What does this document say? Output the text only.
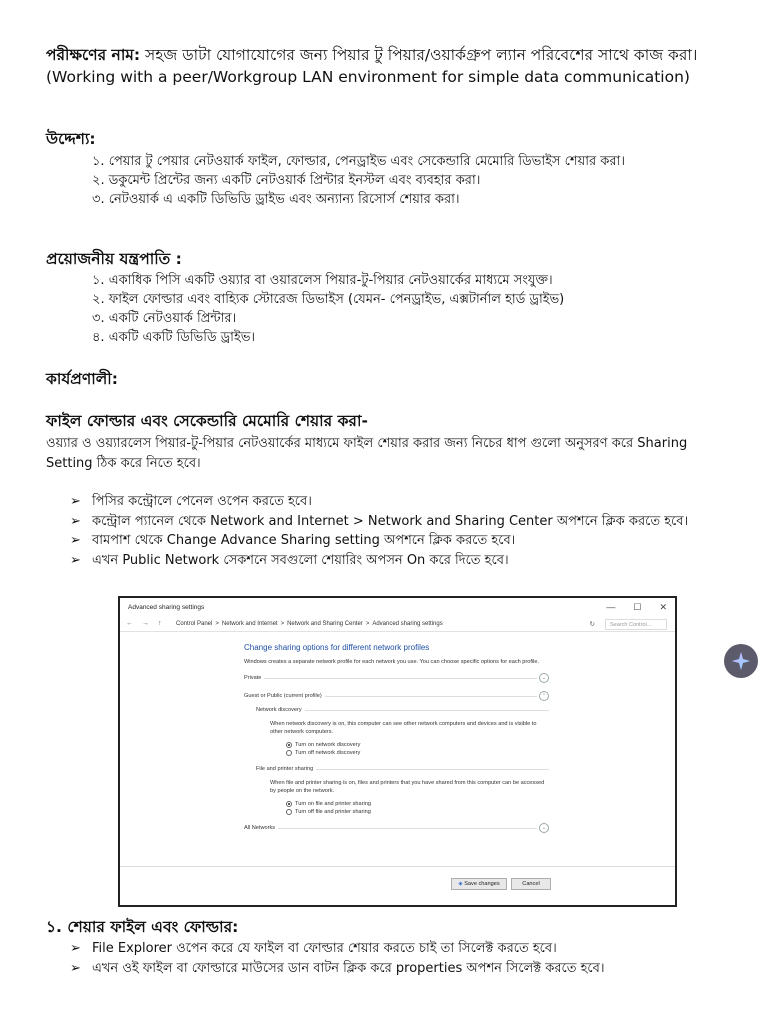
পরীক্ষণের নাম: সহজ ডাটা যোগাযোগের জন্য পিয়ার টু পিয়ার/ওয়ার্কগ্রুপ ল্যান পরিবেশের সাথে কাজ করা। (Working with a peer/Workgroup LAN environment for simple data communication)
উদ্দেশ্য:
১. পেয়ার টু পেয়ার নেটওয়ার্ক ফাইল, ফোল্ডার, পেনড্রাইভ এবং সেকেন্ডারি মেমোরি ডিভাইস শেয়ার করা।
২. ডকুমেন্ট প্রিন্টের জন্য একটি নেটওয়ার্ক প্রিন্টার ইনস্টল এবং ব্যবহার করা।
৩. নেটওয়ার্ক এ একটি ডিভিডি ড্রাইভ এবং অন্যান্য রিসোর্স শেয়ার করা।
প্রয়োজনীয় যন্ত্রপাতি :
১. একাধিক পিসি একটি ওয়্যার বা ওয়ারলেস পিয়ার-টু-পিয়ার নেটওয়ার্কের মাধ্যমে সংযুক্ত।
২. ফাইল ফোল্ডার এবং বাহ্যিক স্টোরেজ ডিভাইস (যেমন- পেনড্রাইভ, এক্সটার্নাল হার্ড ড্রাইভ)
৩. একটি নেটওয়ার্ক প্রিন্টার।
৪. একটি একটি ডিভিডি ড্রাইভ।
কার্যপ্রণালী:
ফাইল ফোল্ডার এবং সেকেন্ডারি মেমোরি শেয়ার করা-
ওয়্যার ও ওয়্যারলেস পিয়ার-টু-পিয়ার নেটওয়ার্কের মাধ্যমে ফাইল শেয়ার করার জন্য নিচের ধাপ গুলো অনুসরণ করে Sharing Setting ঠিক করে নিতে হবে।
➢ পিসির কন্ট্রোলে পেনেল ওপেন করতে হবে।
➢ কন্ট্রোল প্যানেল থেকে Network and Internet > Network and Sharing Center অপশনে ক্লিক করতে হবে।
➢ বামপাশ থেকে Change Advance Sharing setting অপশনে ক্লিক করতে হবে।
➢ এখন Public Network সেকশনে সবগুলো শেয়ারিং অপসন On করে দিতে হবে।
Advanced sharing settings	— ☐ ✕
← → ↑ Control Panel > Network and Internet > Network and Sharing Center > Advanced sharing settings	↻	Search Control...
Change sharing options for different network profiles
Windows creates a separate network profile for each network you use. You can choose specific options for each profile.
Private	⌄
Guest or Public (current profile)	⌃
Network discovery
When network discovery is on, this computer can see other network computers and devices and is visible to other network computers.
Turn on network discovery
Turn off network discovery
File and printer sharing
When file and printer sharing is on, files and printers that you have shared from this computer can be accessed by people on the network.
Turn on file and printer sharing
Turn off file and printer sharing
All Networks	⌄
◈ Save changes	Cancel
১. শেয়ার ফাইল এবং ফোল্ডার:
➢ File Explorer ওপেন করে যে ফাইল বা ফোল্ডার শেয়ার করতে চাই তা সিলেক্ট করতে হবে।
➢ এখন ওই ফাইল বা ফোল্ডারে মাউসের ডান বাটন ক্লিক করে properties অপশন সিলেক্ট করতে হবে।
